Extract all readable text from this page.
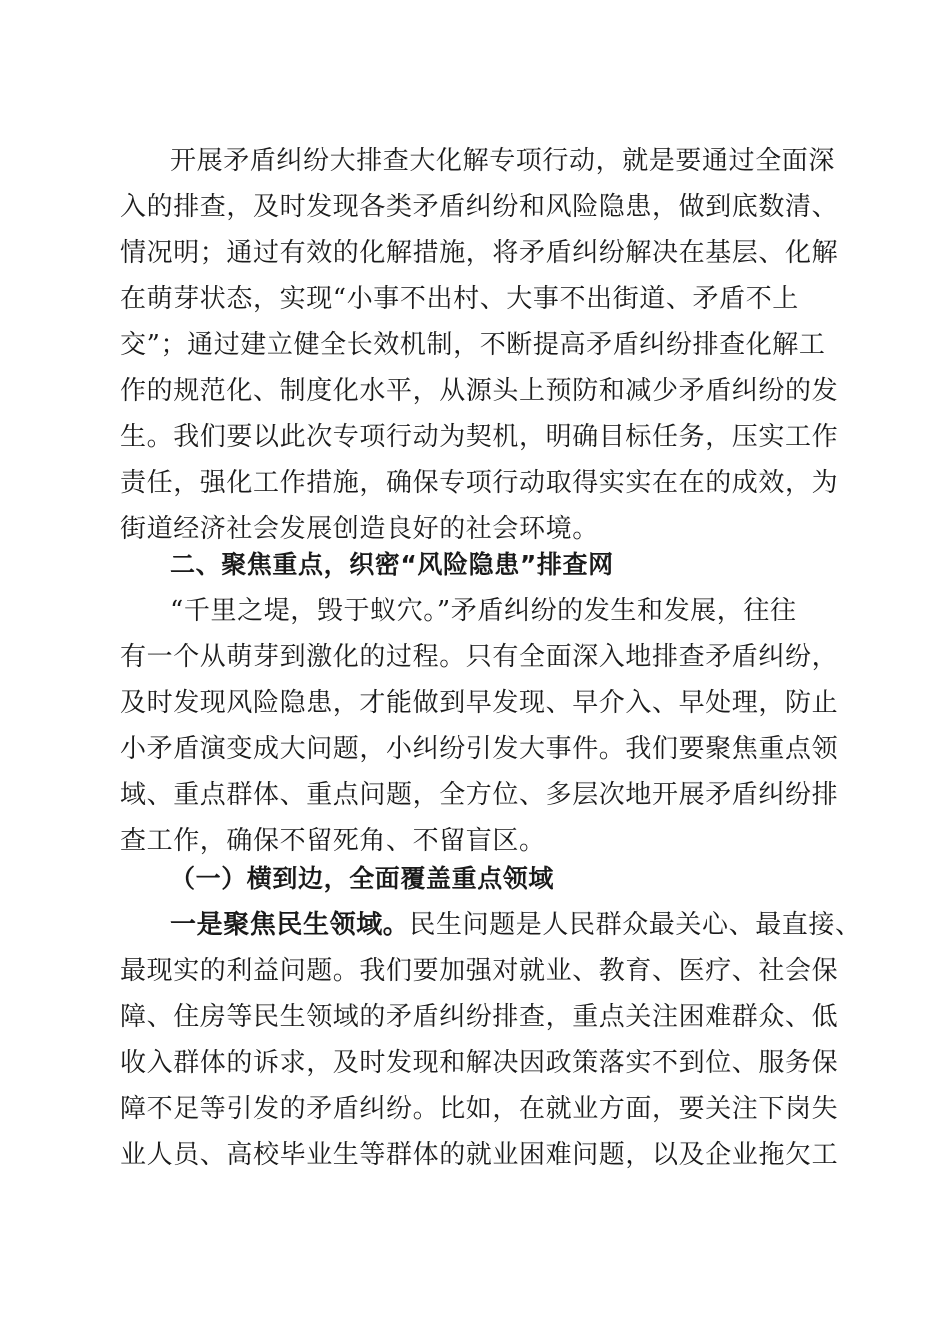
开展矛盾纠纷大排查大化解专项行动，就是要通过全面深
入的排查，及时发现各类矛盾纠纷和风险隐患，做到底数清、
情况明；通过有效的化解措施，将矛盾纠纷解决在基层、化解
在萌芽状态，实现“小事不出村、大事不出街道、矛盾不上
交”；通过建立健全长效机制，不断提高矛盾纠纷排查化解工
作的规范化、制度化水平，从源头上预防和减少矛盾纠纷的发
生。我们要以此次专项行动为契机，明确目标任务，压实工作
责任，强化工作措施，确保专项行动取得实实在在的成效，为
街道经济社会发展创造良好的社会环境。
二、聚焦重点，织密“风险隐患”排查网
“千里之堤，毁于蚁穴。”矛盾纠纷的发生和发展，往往
有一个从萌芽到激化的过程。只有全面深入地排查矛盾纠纷，
及时发现风险隐患，才能做到早发现、早介入、早处理，防止
小矛盾演变成大问题，小纠纷引发大事件。我们要聚焦重点领
域、重点群体、重点问题，全方位、多层次地开展矛盾纠纷排
查工作，确保不留死角、不留盲区。
（一）横到边，全面覆盖重点领域
一是聚焦民生领域。民生问题是人民群众最关心、最直接、
最现实的利益问题。我们要加强对就业、教育、医疗、社会保
障、住房等民生领域的矛盾纠纷排查，重点关注困难群众、低
收入群体的诉求，及时发现和解决因政策落实不到位、服务保
障不足等引发的矛盾纠纷。比如，在就业方面，要关注下岗失
业人员、高校毕业生等群体的就业困难问题，以及企业拖欠工
